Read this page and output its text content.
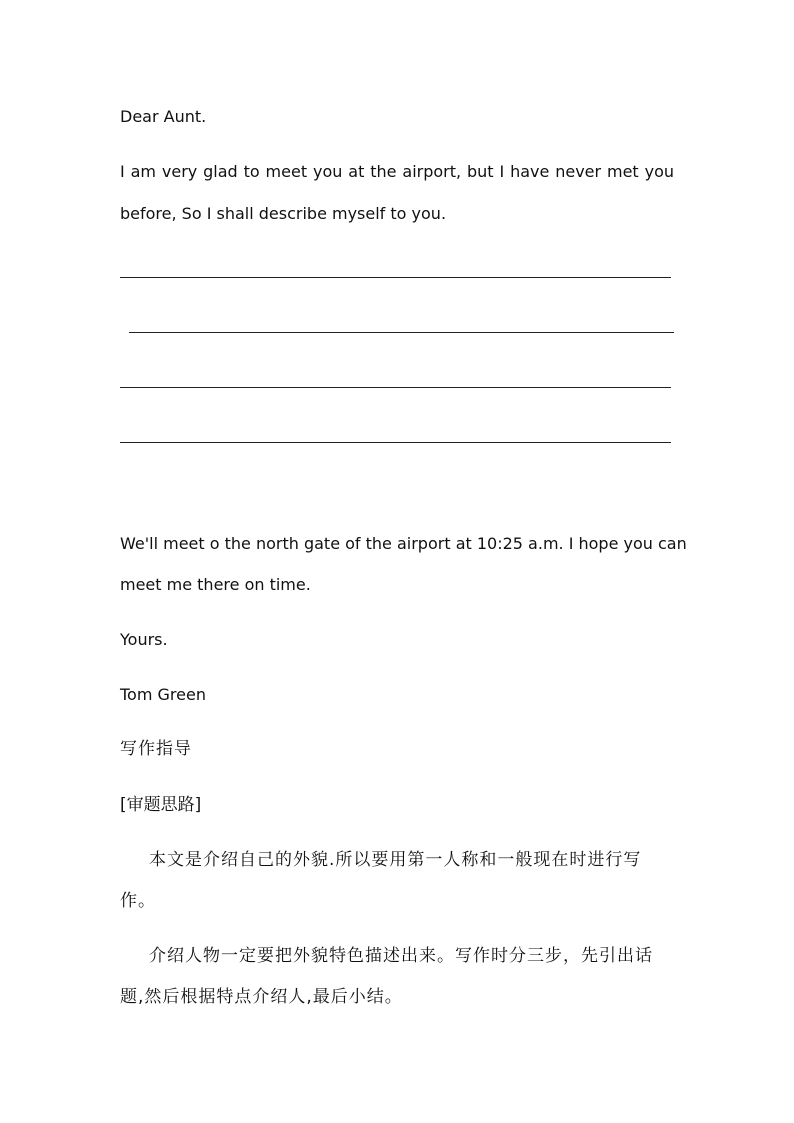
Dear Aunt.

I am very glad to meet you at the airport, but I have never met you

before, So I shall describe myself to you.

We'll meet o the north gate of the airport at 10:25 a.m. I hope you can

meet me there on time.

Yours.

Tom Green

写作指导

[审题思路]

本文是介绍自己的外貌.所以要用第一人称和一般现在时进行写

作。

介绍人物一定要把外貌特色描述出来。写作时分三步，先引出话

题,然后根据特点介绍人,最后小结。
